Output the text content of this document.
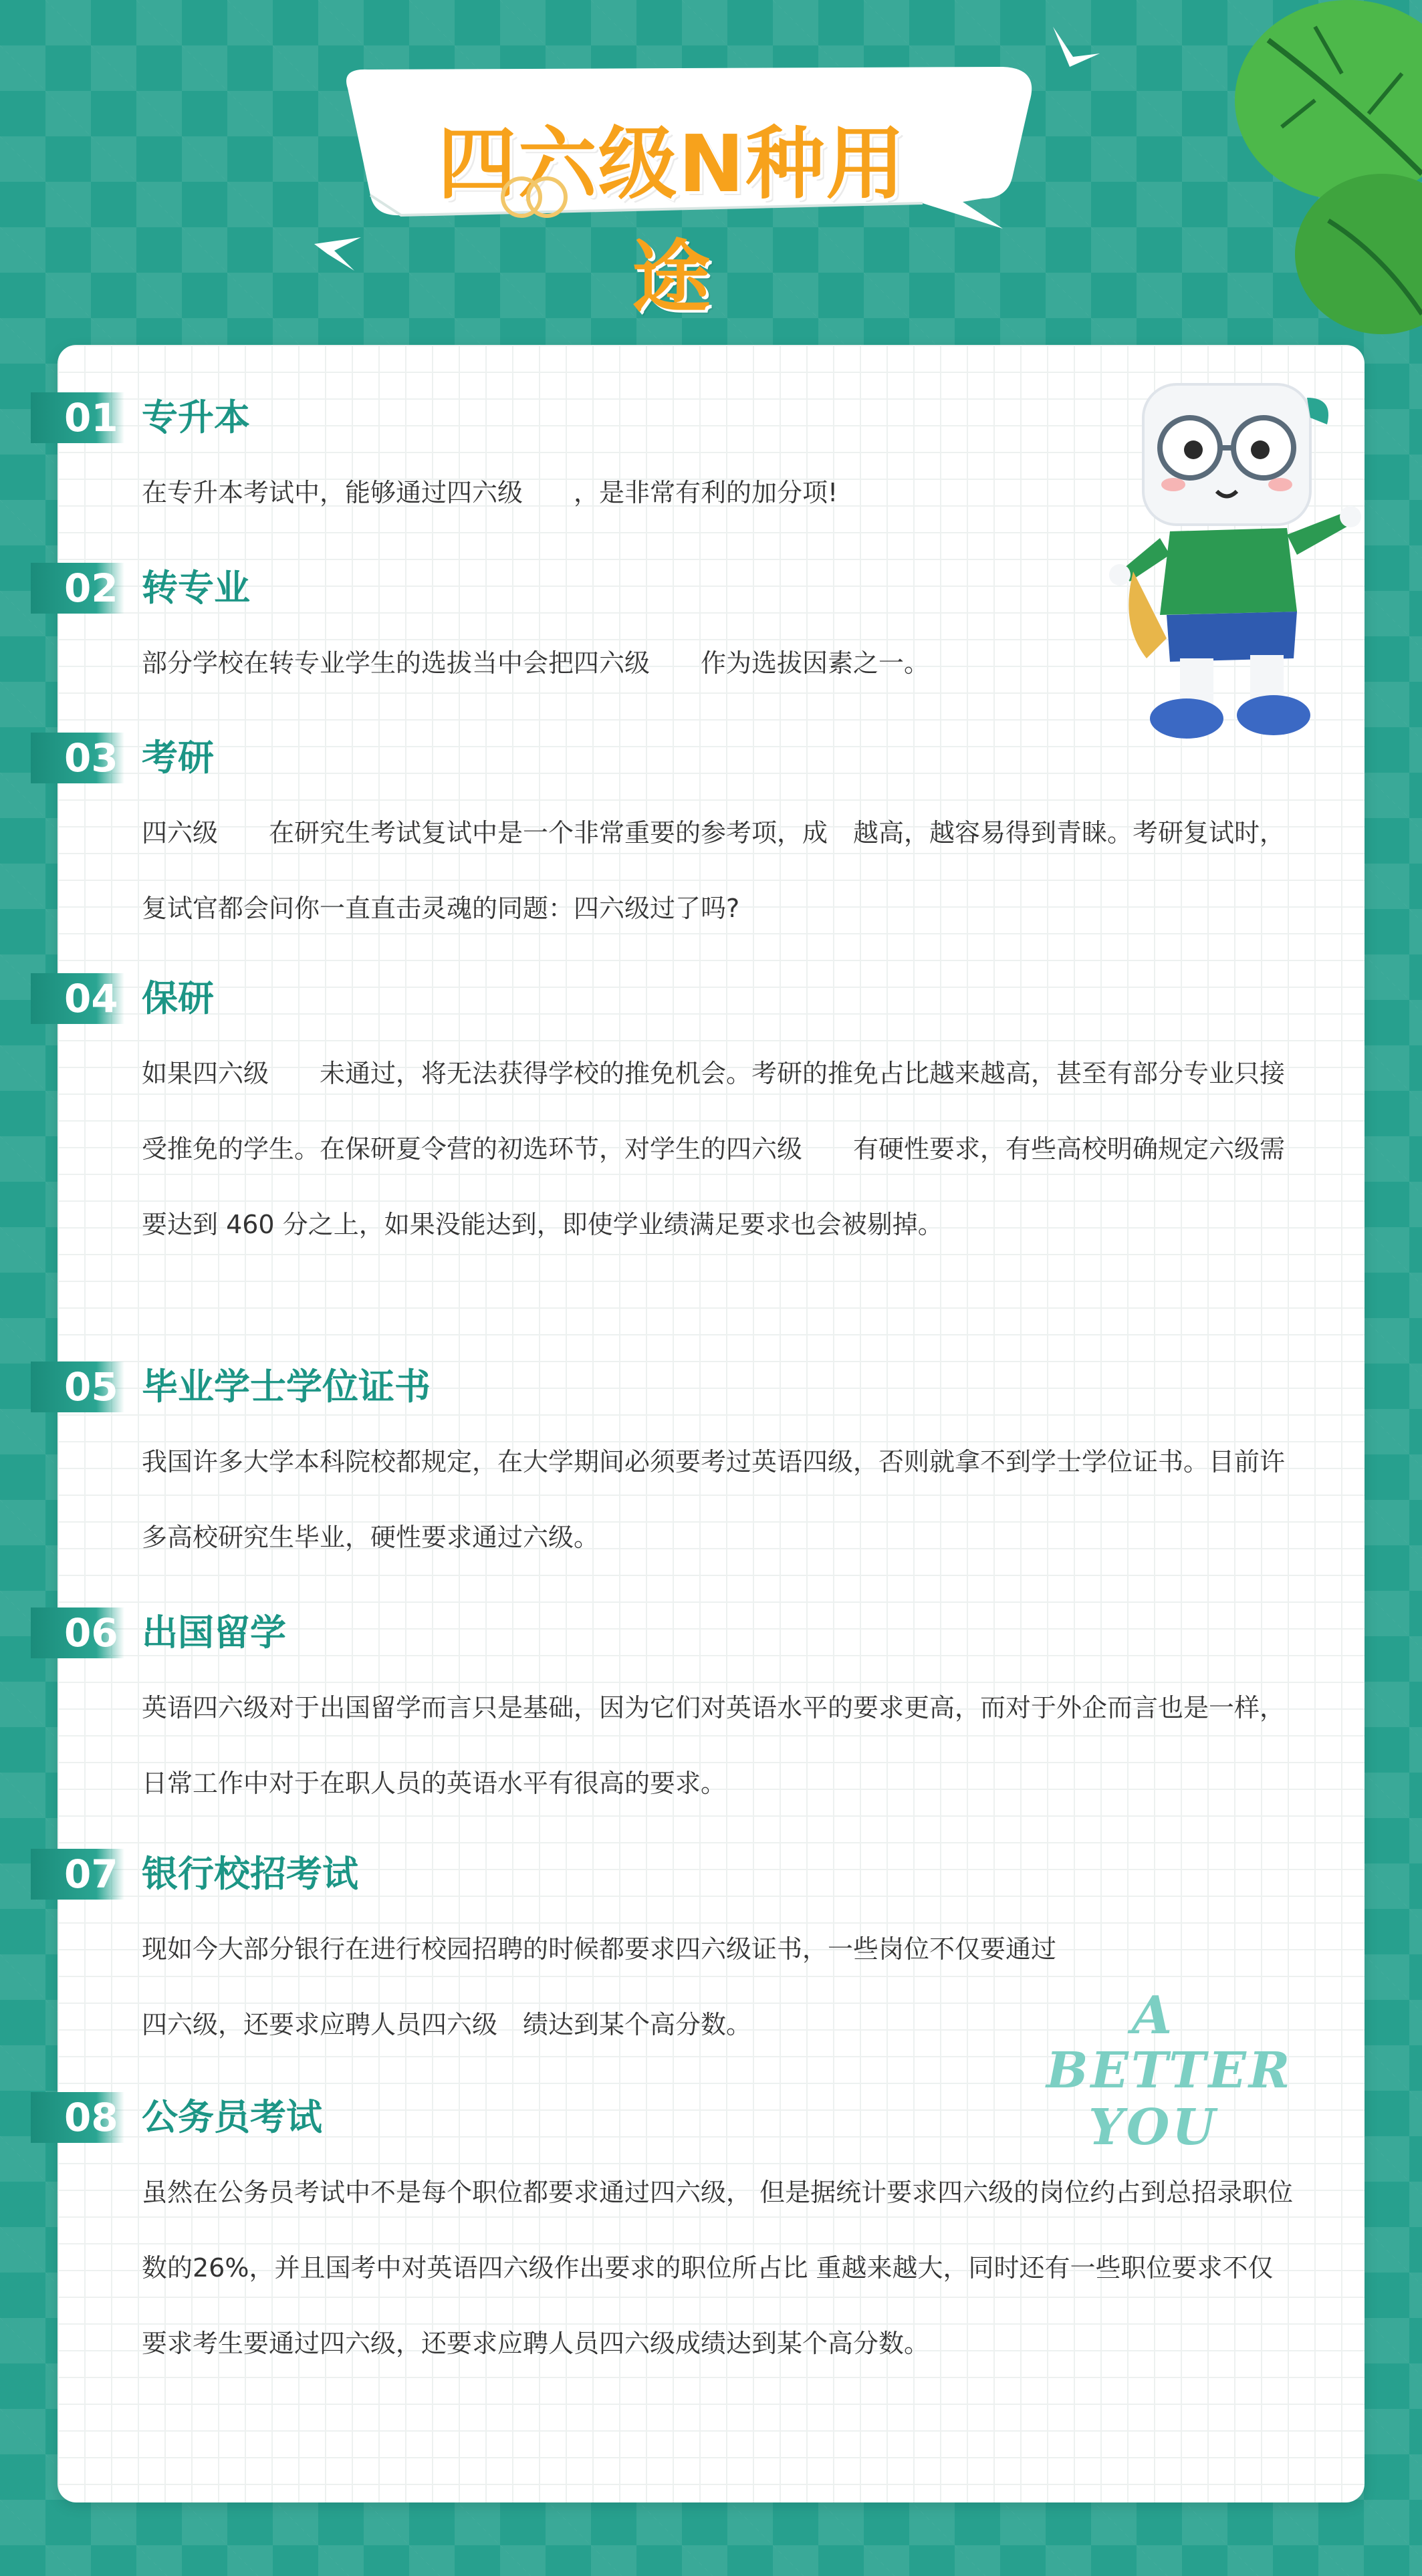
四六级N种用途
A
BETTER
YOU
01 专升本

在专升本考试中，能够通过四六级　　，是非常有利的加分项!

02 转专业

部分学校在转专业学生的选拔当中会把四六级　　作为选拔因素之一。

03 考研

四六级　　在研究生考试复试中是一个非常重要的参考项，成　越高，越容易得到青睐。考研复试时，复试官都会问你一直直击灵魂的同题：四六级过了吗?

04 保研

如果四六级　　未通过，将无法获得学校的推免机会。考研的推免占比越来越高，甚至有部分专业只接受推免的学生。在保研夏令营的初选环节，对学生的四六级　　有硬性要求，有些高校明确规定六级需要达到 460 分之上，如果没能达到，即使学业绩满足要求也会被剔掉。

05 毕业学士学位证书

我国许多大学本科院校都规定，在大学期间必须要考过英语四级，否则就拿不到学士学位证书。目前许多高校研究生毕业，硬性要求通过六级。

06 出国留学

英语四六级对于出国留学而言只是基础，因为它们对英语水平的要求更高，而对于外企而言也是一样，日常工作中对于在职人员的英语水平有很高的要求。

07 银行校招考试

现如今大部分银行在进行校园招聘的时候都要求四六级证书，一些岗位不仅要通过四六级，还要求应聘人员四六级　绩达到某个高分数。

08 公务员考试

虽然在公务员考试中不是每个职位都要求通过四六级， 但是据统计要求四六级的岗位约占到总招录职位数的26%，并且国考中对英语四六级作出要求的职位所占比 重越来越大，同时还有一些职位要求不仅要求考生要通过四六级，还要求应聘人员四六级成绩达到某个高分数。
